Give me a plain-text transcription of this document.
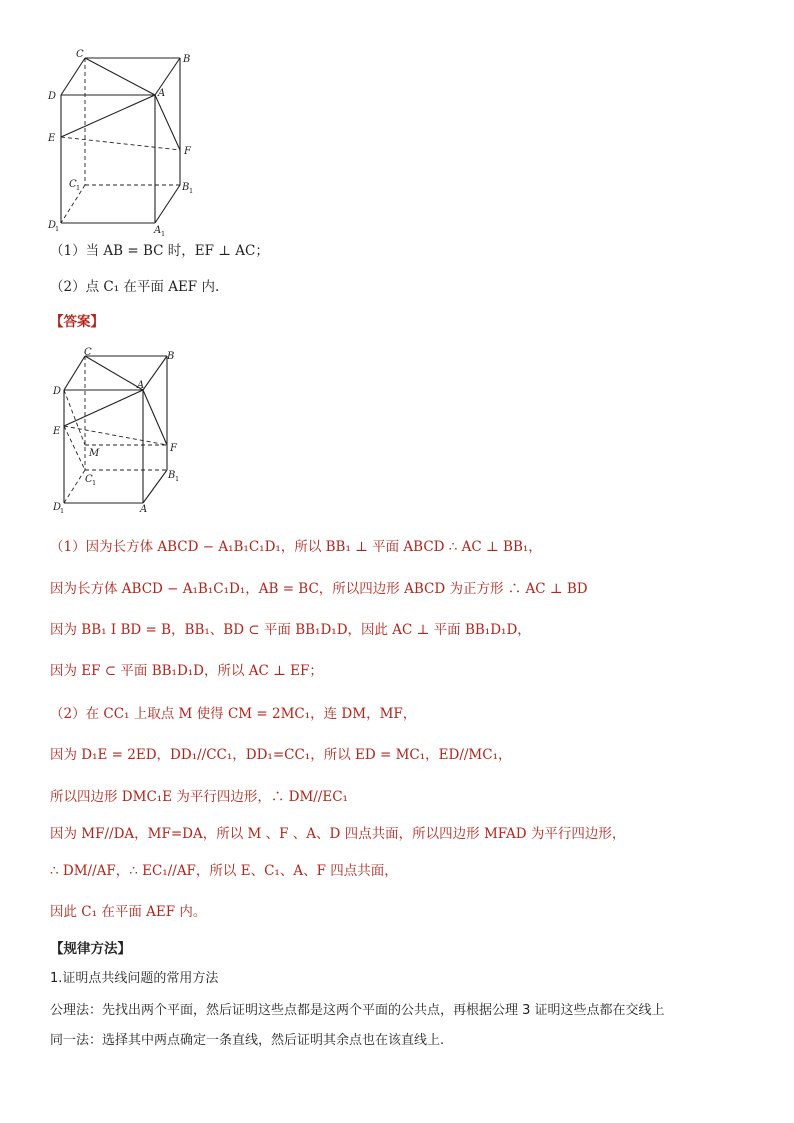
C	B
D	A
E
F
C 1	B 1
D
1	A 1
（1）当 AB = BC 时，EF ⊥ AC；
（2）点 C₁ 在平面 AEF 内.
【答案】
C	B
D
A
E
F
M
C 1
B 1
D
1	A
（1）因为长方体 ABCD − A₁B₁C₁D₁，所以 BB₁ ⊥ 平面 ABCD ∴ AC ⊥ BB₁，
因为长方体 ABCD − A₁B₁C₁D₁，AB = BC，所以四边形 ABCD 为正方形 ∴ AC ⊥ BD
因为 BB₁ I BD = B，BB₁、BD ⊂ 平面 BB₁D₁D，因此 AC ⊥ 平面 BB₁D₁D，
因为 EF ⊂ 平面 BB₁D₁D，所以 AC ⊥ EF；
（2）在 CC₁ 上取点 M 使得 CM = 2MC₁，连 DM，MF，
因为 D₁E = 2ED，DD₁//CC₁，DD₁=CC₁，所以 ED = MC₁，ED//MC₁，
所以四边形 DMC₁E 为平行四边形，∴ DM//EC₁
因为 MF//DA，MF=DA，所以 M 、F 、A、D 四点共面，所以四边形 MFAD 为平行四边形，
∴ DM//AF，∴ EC₁//AF，所以 E、C₁、A、F 四点共面，
因此 C₁ 在平面 AEF 内。
【规律方法】
1.证明点共线问题的常用方法
公理法：先找出两个平面，然后证明这些点都是这两个平面的公共点，再根据公理 3 证明这些点都在交线上
同一法：选择其中两点确定一条直线，然后证明其余点也在该直线上.
